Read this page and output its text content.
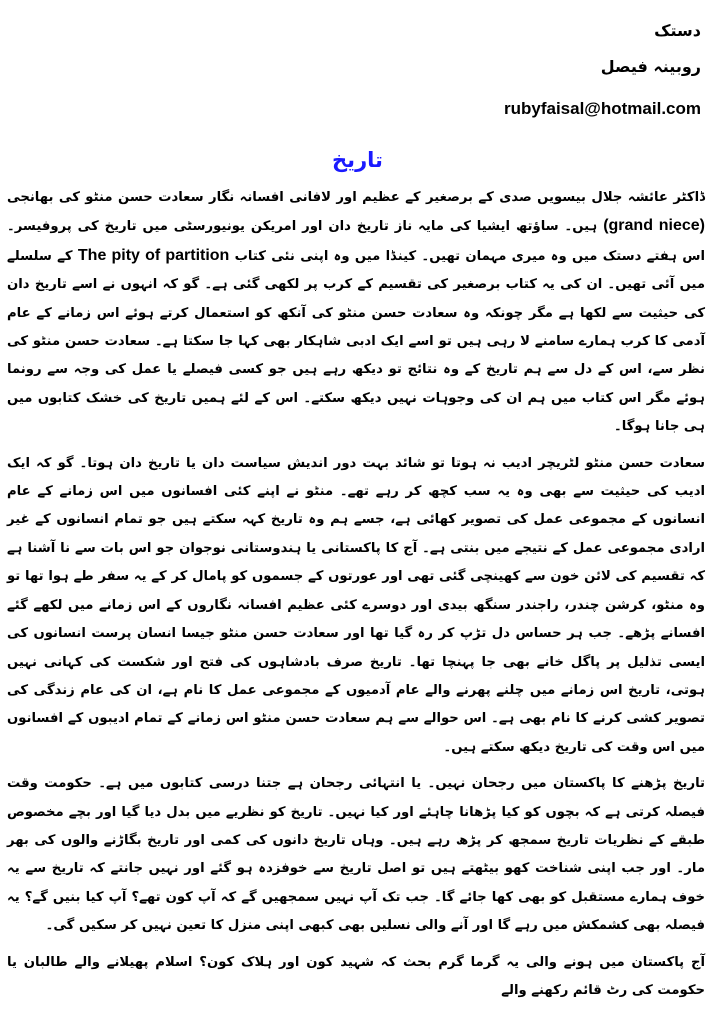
دستک
روبینہ فیصل
rubyfaisal@hotmail.com
تاریخ

ڈاکٹر عائشہ جلال بیسویں صدی کے برصغیر کے عظیم اور لافانی افسانہ نگار سعادت حسن منٹو کی بھانجی (grand niece) ہیں۔ ساؤتھ ایشیا کی مایہ ناز تاریخ دان اور امریکن یونیورسٹی میں تاریخ کی پروفیسر۔ اس ہفتے دستک میں وہ میری مہمان تھیں۔ کینڈا میں وہ اپنی نئی کتاب The pity of partition کے سلسلے میں آئی تھیں۔ ان کی یہ کتاب برصغیر کی تقسیم کے کرب پر لکھی گئی ہے۔ گو کہ انہوں نے اسے تاریخ دان کی حیثیت سے لکھا ہے مگر چونکہ وہ سعادت حسن منٹو کی آنکھ کو استعمال کرتے ہوئے اس زمانے کے عام آدمی کا کرب ہمارے سامنے لا رہی ہیں تو اسے ایک ادبی شاہکار بھی کہا جا سکتا ہے۔ سعادت حسن منٹو کی نظر سے، اس کے دل سے ہم تاریخ کے وہ نتائج تو دیکھ رہے ہیں جو کسی فیصلے یا عمل کی وجہ سے رونما ہوئے مگر اس کتاب میں ہم ان کی وجوہات نہیں دیکھ سکتے۔ اس کے لئے ہمیں تاریخ کی خشک کتابوں میں ہی جانا ہوگا۔

سعادت حسن منٹو لٹریچر ادیب نہ ہوتا تو شائد بہت دور اندیش سیاست دان یا تاریخ دان ہوتا۔ گو کہ ایک ادیب کی حیثیت سے بھی وہ یہ سب کچھ کر رہے تھے۔ منٹو نے اپنے کئی افسانوں میں اس زمانے کے عام انسانوں کے مجموعی عمل کی تصویر کھائی ہے، جسے ہم وہ تاریخ کہہ سکتے ہیں جو تمام انسانوں کے غیر ارادی مجموعی عمل کے نتیجے میں بنتی ہے۔ آج کا پاکستانی یا ہندوستانی نوجوان جو اس بات سے نا آشنا ہے کہ تقسیم کی لائن خون سے کھینچی گئی تھی اور عورتوں کے جسموں کو پامال کر کے یہ سفر طے ہوا تھا تو وہ منٹو، کرشن چندر، راجندر سنگھ بیدی اور دوسرے کئی عظیم افسانہ نگاروں کے اس زمانے میں لکھے گئے افسانے پڑھے۔ جب ہر حساس دل تڑپ کر رہ گیا تھا اور سعادت حسن منٹو جیسا انسان پرست انسانوں کی ایسی تذلیل پر پاگل خانے بھی جا پہنچا تھا۔ تاریخ صرف بادشاہوں کی فتح اور شکست کی کہانی نہیں ہوتی، تاریخ اس زمانے میں چلنے پھرنے والے عام آدمیوں کے مجموعی عمل کا نام ہے، ان کی عام زندگی کی تصویر کشی کرنے کا نام بھی ہے۔ اس حوالے سے ہم سعادت حسن منٹو اس زمانے کے تمام ادیبوں کے افسانوں میں اس وقت کی تاریخ دیکھ سکتے ہیں۔

تاریخ پڑھنے کا پاکستان میں رجحان نہیں۔ یا انتہائی رجحان ہے جتنا درسی کتابوں میں ہے۔ حکومت وقت فیصلہ کرتی ہے کہ بچوں کو کیا پڑھانا چاہئے اور کیا نہیں۔ تاریخ کو نظریے میں بدل دیا گیا اور بچے مخصوص طبقے کے نظریات تاریخ سمجھ کر پڑھ رہے ہیں۔ وہاں تاریخ دانوں کی کمی اور تاریخ بگاڑنے والوں کی بھر مار۔ اور جب اپنی شناخت کھو بیٹھتے ہیں تو اصل تاریخ سے خوفزدہ ہو گئے اور نہیں جانتے کہ تاریخ سے یہ خوف ہمارے مستقبل کو بھی کھا جائے گا۔ جب تک آپ نہیں سمجھیں گے کہ آپ کون تھے؟ آپ کیا بنیں گے؟ یہ فیصلہ بھی کشمکش میں رہے گا اور آنے والی نسلیں بھی کبھی اپنی منزل کا تعین نہیں کر سکیں گی۔

آج پاکستان میں ہونے والی یہ گرما گرم بحث کہ شہید کون اور ہلاک کون؟ اسلام پھیلانے والے طالبان یا حکومت کی رٹ قائم رکھنے والے
